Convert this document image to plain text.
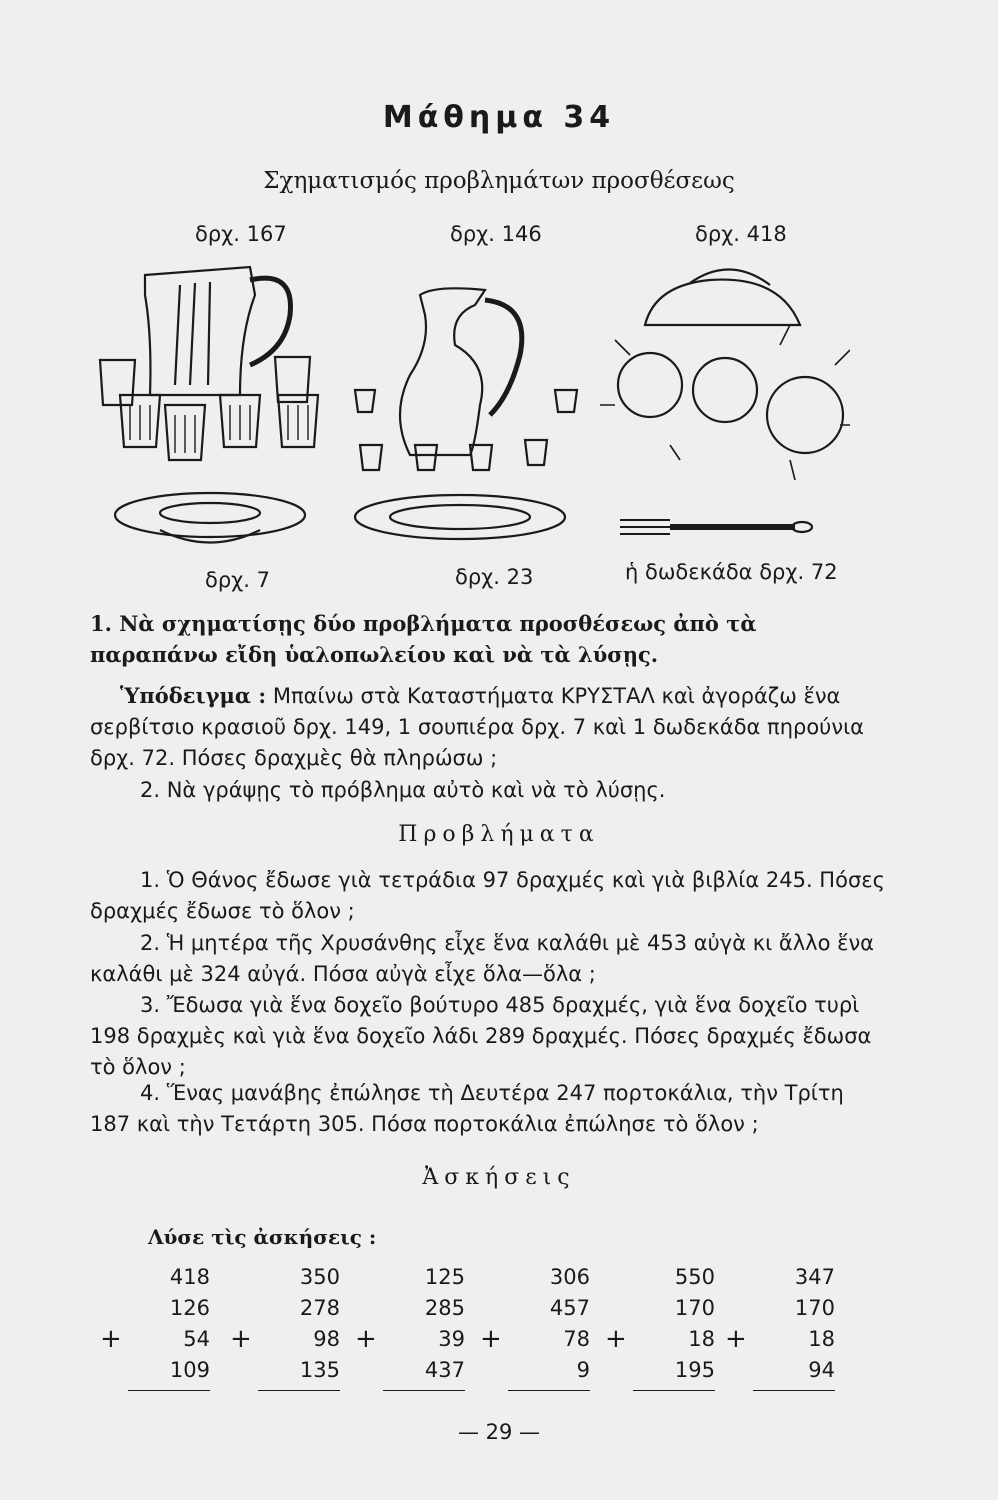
Μάθημα 34
Σχηματισμός προβλημάτων προσθέσεως
δρχ. 167	δρχ. 146	δρχ. 418
δρχ. 7	δρχ. 23	ἡ δωδεκάδα δρχ. 72
1. Νὰ σχηματίσῃς δύο προβλήματα προσθέσεως ἀπὸ τὰ παραπάνω εἴδη ὑαλοπωλείου καὶ νὰ τὰ λύσῃς.
Ὑπόδειγμα : Μπαίνω στὰ Καταστήματα ΚΡΥΣΤΑΛ καὶ ἀγοράζω ἕνα σερβίτσιο κρασιοῦ δρχ. 149, 1 σουπιέρα δρχ. 7 καὶ 1 δωδεκάδα πηρούνια δρχ. 72. Πόσες δραχμὲς θὰ πληρώσω ;
2. Νὰ γράψῃς τὸ πρόβλημα αὐτὸ καὶ νὰ τὸ λύσῃς.
Προβλήματα
1. Ὁ Θάνος ἔδωσε γιὰ τετράδια 97 δραχμές καὶ γιὰ βιβλία 245. Πόσες δραχμές ἔδωσε τὸ ὅλον ;
2. Ἡ μητέρα τῆς Χρυσάνθης εἶχε ἕνα καλάθι μὲ 453 αὐγὰ κι ἄλλο ἕνα καλάθι μὲ 324 αὐγά. Πόσα αὐγὰ εἶχε ὅλα—ὅλα ;
3. Ἔδωσα γιὰ ἕνα δοχεῖο βούτυρο 485 δραχμές, γιὰ ἕνα δοχεῖο τυρὶ 198 δραχμὲς καὶ γιὰ ἕνα δοχεῖο λάδι 289 δραχμές. Πόσες δραχμές ἔδωσα τὸ ὅλον ;
4. Ἕνας μανάβης ἐπώλησε τὴ Δευτέρα 247 πορτοκάλια, τὴν Τρίτη 187 καὶ τὴν Τετάρτη 305. Πόσα πορτοκάλια ἐπώλησε τὸ ὅλον ;
Ἀσκήσεις
Λύσε τὶς ἀσκήσεις :
418
126
+	54
109
350
278
+	98
135
125
285
+	39
437
306
457
+	78
9
550
170
+	18
195
347
170
+	18
94
— 29 —
